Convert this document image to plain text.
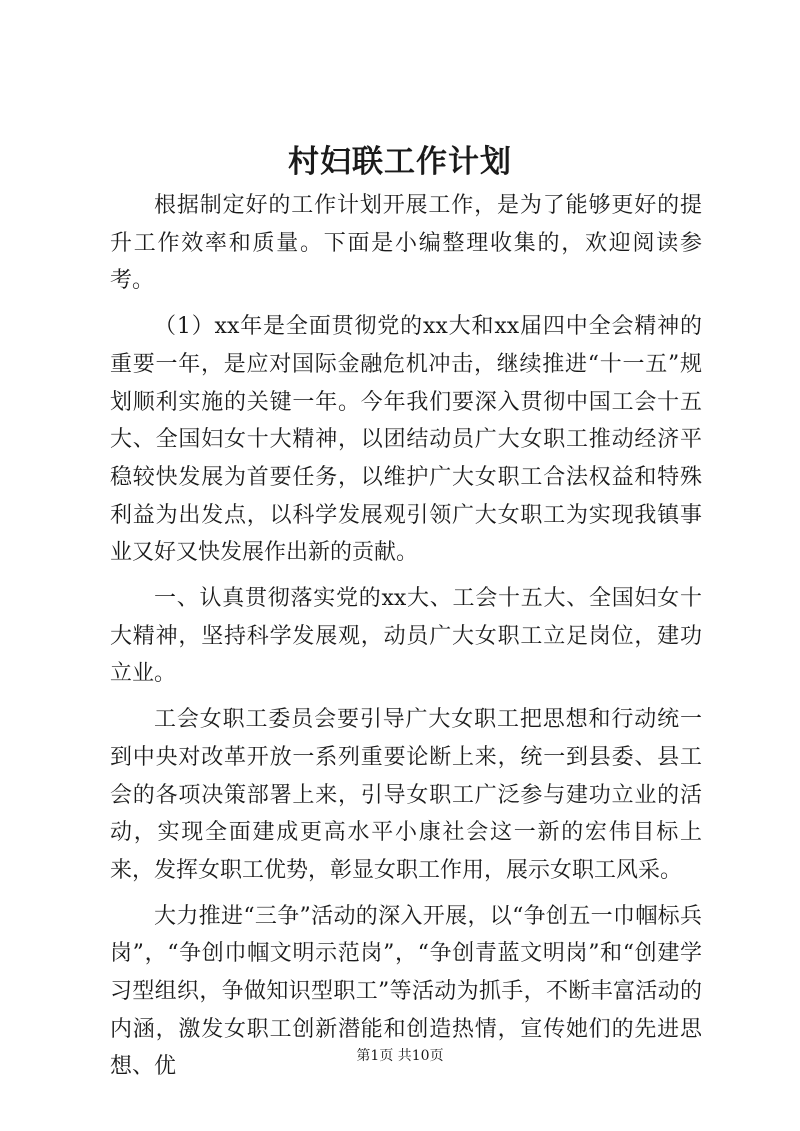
村妇联工作计划

根据制定好的工作计划开展工作，是为了能够更好的提升工作效率和质量。下面是小编整理收集的，欢迎阅读参考。

（1）xx年是全面贯彻党的xx大和xx届四中全会精神的重要一年，是应对国际金融危机冲击，继续推进“十一五”规划顺利实施的关键一年。今年我们要深入贯彻中国工会十五大、全国妇女十大精神，以团结动员广大女职工推动经济平稳较快发展为首要任务，以维护广大女职工合法权益和特殊利益为出发点，以科学发展观引领广大女职工为实现我镇事业又好又快发展作出新的贡献。

一、认真贯彻落实党的xx大、工会十五大、全国妇女十大精神，坚持科学发展观，动员广大女职工立足岗位，建功立业。

工会女职工委员会要引导广大女职工把思想和行动统一到中央对改革开放一系列重要论断上来，统一到县委、县工会的各项决策部署上来，引导女职工广泛参与建功立业的活动，实现全面建成更高水平小康社会这一新的宏伟目标上来，发挥女职工优势，彰显女职工作用，展示女职工风采。

大力推进“三争”活动的深入开展，以“争创五一巾帼标兵岗”，“争创巾帼文明示范岗”，“争创青蓝文明岗”和“创建学习型组织，争做知识型职工”等活动为抓手，不断丰富活动的内涵，激发女职工创新潜能和创造热情，宣传她们的先进思想、优	第1页 共10页
